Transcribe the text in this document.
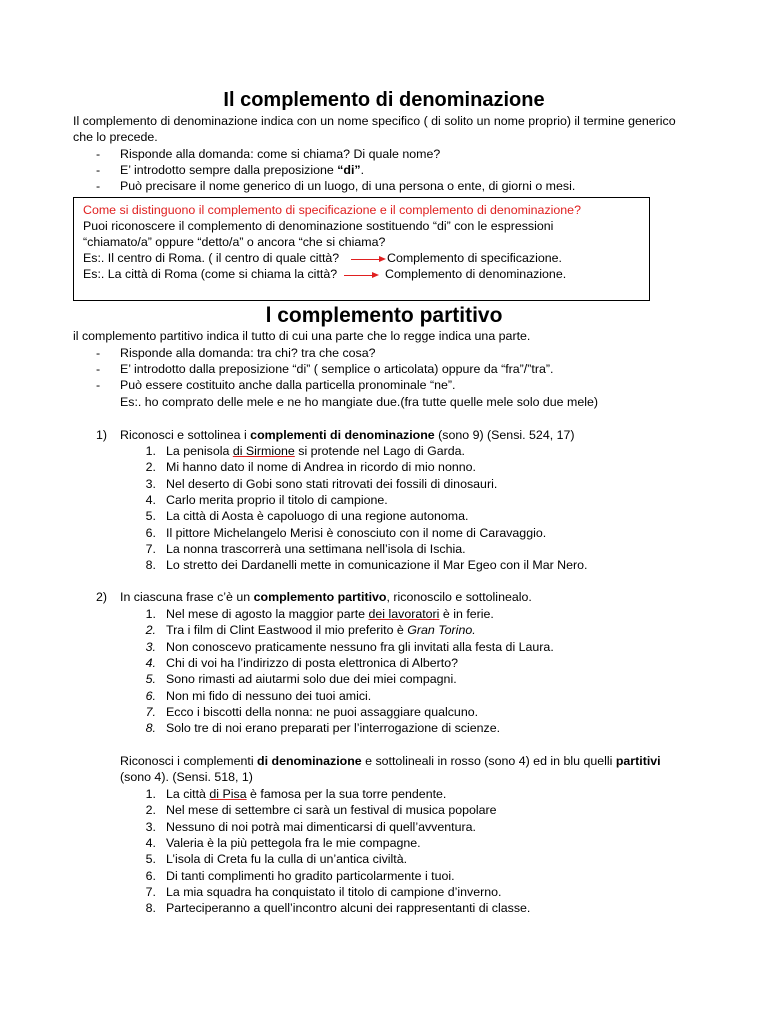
Il complemento di denominazione
Il complemento di denominazione indica con un nome specifico ( di solito un nome proprio) il termine generico che lo precede.
- Risponde alla domanda: come si chiama? Di quale nome?
- E’ introdotto sempre dalla preposizione “di”.
- Può precisare il nome generico di un luogo, di una persona o ente, di giorni o mesi.
Come si distinguono il complemento di specificazione e il complemento di denominazione?
Puoi riconoscere il complemento di denominazione sostituendo “di” con le espressioni
“chiamato/a” oppure “detto/a” o ancora “che si chiama?
Es:. Il centro di Roma. ( il centro di quale città?	Complemento di specificazione.
Es:. La città di Roma (come si chiama la città?	Complemento di denominazione.
l complemento partitivo
il complemento partitivo indica il tutto di cui una parte che lo regge indica una parte.
- Risponde alla domanda: tra chi? tra che cosa?
- E’ introdotto dalla preposizione “di” ( semplice o articolata) oppure da “fra”/”tra”.
- Può essere costituito anche dalla particella pronominale “ne”.
Es:. ho comprato delle mele e ne ho mangiate due.(fra tutte quelle mele solo due mele)
1) Riconosci e sottolinea i complementi di denominazione (sono 9) (Sensi. 524, 17)
1. La penisola di Sirmione si protende nel Lago di Garda.
2. Mi hanno dato il nome di Andrea in ricordo di mio nonno.
3. Nel deserto di Gobi sono stati ritrovati dei fossili di dinosauri.
4. Carlo merita proprio il titolo di campione.
5. La città di Aosta è capoluogo di una regione autonoma.
6. Il pittore Michelangelo Merisi è conosciuto con il nome di Caravaggio.
7. La nonna trascorrerà una settimana nell’isola di Ischia.
8. Lo stretto dei Dardanelli mette in comunicazione il Mar Egeo con il Mar Nero.
2) In ciascuna frase c’è un complemento partitivo, riconoscilo e sottolinealo.
1. Nel mese di agosto la maggior parte dei lavoratori è in ferie.
2. Tra i film di Clint Eastwood il mio preferito è Gran Torino.
3. Non conoscevo praticamente nessuno fra gli invitati alla festa di Laura.
4. Chi di voi ha l’indirizzo di posta elettronica di Alberto?
5. Sono rimasti ad aiutarmi solo due dei miei compagni.
6. Non mi fido di nessuno dei tuoi amici.
7. Ecco i biscotti della nonna: ne puoi assaggiare qualcuno.
8. Solo tre di noi erano preparati per l’interrogazione di scienze.
Riconosci i complementi di denominazione e sottolineali in rosso (sono 4) ed in blu quelli partitivi
(sono 4). (Sensi. 518, 1)
1. La città di Pisa è famosa per la sua torre pendente.
2. Nel mese di settembre ci sarà un festival di musica popolare
3. Nessuno di noi potrà mai dimenticarsi di quell’avventura.
4. Valeria è la più pettegola fra le mie compagne.
5. L’isola di Creta fu la culla di un’antica civiltà.
6. Di tanti complimenti ho gradito particolarmente i tuoi.
7. La mia squadra ha conquistato il titolo di campione d’inverno.
8. Parteciperanno a quell’incontro alcuni dei rappresentanti di classe.
